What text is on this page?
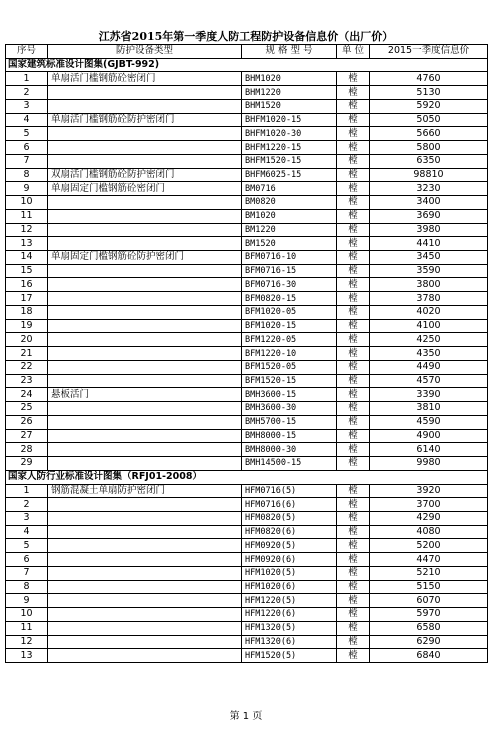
江苏省2015年第一季度人防工程防护设备信息价（出厂价）
序号	防护设备类型	规 格 型 号	单 位	2015一季度信息价
国家建筑标准设计图集(GJBT-992)				
1	单扇活门槛钢筋砼密闭门	BHM1020	樘	4760
2		BHM1220	樘	5130
3		BHM1520	樘	5920
4	单扇活门槛钢筋砼防护密闭门	BHFM1020-15	樘	5050
5		BHFM1020-30	樘	5660
6		BHFM1220-15	樘	5800
7		BHFM1520-15	樘	6350
8	双扇活门槛钢筋砼防护密闭门	BHFM6025-15	樘	98810
9	单扇固定门槛钢筋砼密闭门	BM0716	樘	3230
10		BM0820	樘	3400
11		BM1020	樘	3690
12		BM1220	樘	3980
13		BM1520	樘	4410
14	单扇固定门槛钢筋砼防护密闭门	BFM0716-10	樘	3450
15		BFM0716-15	樘	3590
16		BFM0716-30	樘	3800
17		BFM0820-15	樘	3780
18		BFM1020-05	樘	4020
19		BFM1020-15	樘	4100
20		BFM1220-05	樘	4250
21		BFM1220-10	樘	4350
22		BFM1520-05	樘	4490
23		BFM1520-15	樘	4570
24	悬板活门	BMH3600-15	樘	3390
25		BMH3600-30	樘	3810
26		BMH5700-15	樘	4590
27		BMH8000-15	樘	4900
28		BMH8000-30	樘	6140
29		BMH14500-15	樘	9980
国家人防行业标准设计图集（RFJ01-2008）				
1	钢筋混凝土单扇防护密闭门	HFM0716(5)	樘	3920
2		HFM0716(6)	樘	3700
3		HFM0820(5)	樘	4290
4		HFM0820(6)	樘	4080
5		HFM0920(5)	樘	5200
6		HFM0920(6)	樘	4470
7		HFM1020(5)	樘	5210
8		HFM1020(6)	樘	5150
9		HFM1220(5)	樘	6070
10		HFM1220(6)	樘	5970
11		HFM1320(5)	樘	6580
12		HFM1320(6)	樘	6290
13		HFM1520(5)	樘	6840
第 1 页
